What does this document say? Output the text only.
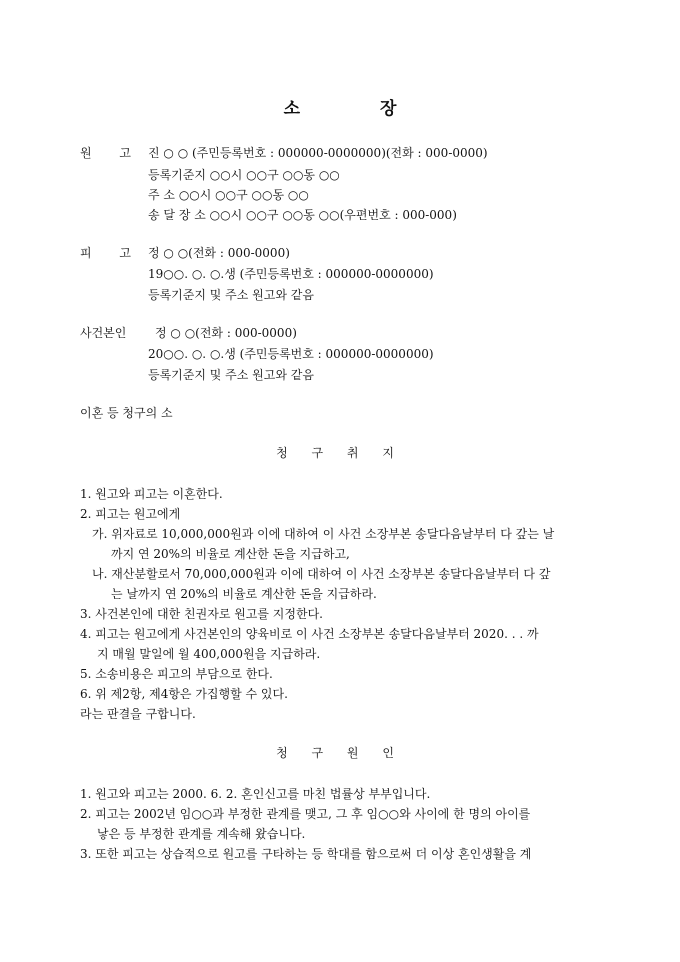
소	장
원 고 진 ○ ○ (주민등록번호 : 000000-0000000)(전화 : 000-0000)
등록기준지 ○○시 ○○구 ○○동 ○○
주 소 ○○시 ○○구 ○○동 ○○
송 달 장 소 ○○시 ○○구 ○○동 ○○(우편번호 : 000-000)
피 고 정 ○ ○(전화 : 000-0000)
19○○. ○. ○.생 (주민등록번호 : 000000-0000000)
등록기준지 및 주소 원고와 같음
사건본인 정 ○ ○(전화 : 000-0000)
20○○. ○. ○.생 (주민등록번호 : 000000-0000000)
등록기준지 및 주소 원고와 같음
이혼 등 청구의 소
청 구 취 지
1. 원고와 피고는 이혼한다.
2. 피고는 원고에게
가. 위자료로 10,000,000원과 이에 대하여 이 사건 소장부본 송달다음날부터 다 갚는 날
까지 연 20%의 비율로 계산한 돈을 지급하고,
나. 재산분할로서 70,000,000원과 이에 대하여 이 사건 소장부본 송달다음날부터 다 갚
는 날까지 연 20%의 비율로 계산한 돈을 지급하라.
3. 사건본인에 대한 친권자로 원고를 지정한다.
4. 피고는 원고에게 사건본인의 양육비로 이 사건 소장부본 송달다음날부터 2020. . . 까
지 매월 말일에 월 400,000원을 지급하라.
5. 소송비용은 피고의 부담으로 한다.
6. 위 제2항, 제4항은 가집행할 수 있다.
라는 판결을 구합니다.
청 구 원 인
1. 원고와 피고는 2000. 6. 2. 혼인신고를 마친 법률상 부부입니다.
2. 피고는 2002년 임○○과 부정한 관계를 맺고, 그 후 임○○와 사이에 한 명의 아이를
낳은 등 부정한 관계를 계속해 왔습니다.
3. 또한 피고는 상습적으로 원고를 구타하는 등 학대를 함으로써 더 이상 혼인생활을 계
